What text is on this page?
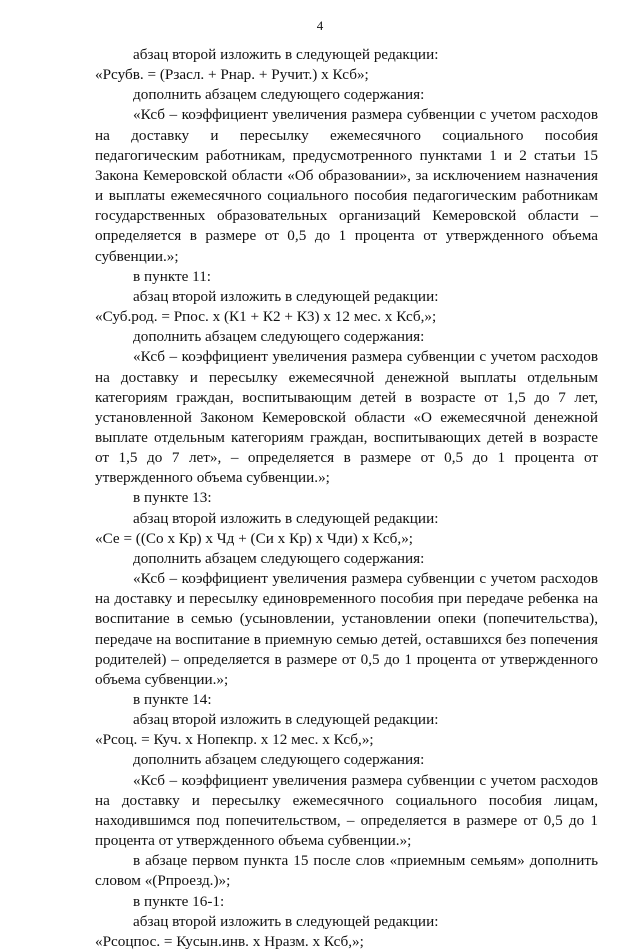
4

абзац второй изложить в следующей редакции:

«Рсубв. = (Рзасл. + Рнар. + Ручит.) х Ксб»;

дополнить абзацем следующего содержания:

«Ксб – коэффициент увеличения размера субвенции с учетом расходов на доставку и пересылку ежемесячного социального пособия педагогическим работникам, предусмотренного пунктами 1 и 2 статьи 15 Закона Кемеровской области «Об образовании», за исключением назначения и выплаты ежемесячного социального пособия педагогическим работникам государственных образовательных организаций Кемеровской области – определяется в размере от 0,5 до 1 процента от утвержденного объема субвенции.»;

в пункте 11:

абзац второй изложить в следующей редакции:

«Суб.род. = Рпос. х (К1 + К2 + К3) х 12 мес. х Ксб,»;

дополнить абзацем следующего содержания:

«Ксб – коэффициент увеличения размера субвенции с учетом расходов на доставку и пересылку ежемесячной денежной выплаты отдельным категориям граждан, воспитывающим детей в возрасте от 1,5 до 7 лет, установленной Законом Кемеровской области «О ежемесячной денежной выплате отдельным категориям граждан, воспитывающих детей в возрасте от 1,5 до 7 лет», – определяется в размере от 0,5 до 1 процента от утвержденного объема субвенции.»;

в пункте 13:

абзац второй изложить в следующей редакции:

«Се = ((Со х Кр) х Чд + (Си х Кр) х Чди) х Ксб,»;

дополнить абзацем следующего содержания:

«Ксб – коэффициент увеличения размера субвенции с учетом расходов на доставку и пересылку единовременного пособия при передаче ребенка на воспитание в семью (усыновлении, установлении опеки (попечительства), передаче на воспитание в приемную семью детей, оставшихся без попечения родителей) – определяется в размере от 0,5 до 1 процента от утвержденного объема субвенции.»;

в пункте 14:

абзац второй изложить в следующей редакции:

«Рсоц. = Куч. х Нопекпр. х 12 мес. х Ксб,»;

дополнить абзацем следующего содержания:

«Ксб – коэффициент увеличения размера субвенции с учетом расходов на доставку и пересылку ежемесячного социального пособия лицам, находившимся под попечительством, – определяется в размере от 0,5 до 1 процента от утвержденного объема субвенции.»;

в абзаце первом пункта 15 после слов «приемным семьям» дополнить словом «(Рпроезд.)»;

в пункте 16-1:

абзац второй изложить в следующей редакции:

«Рсоцпос. = Кусын.инв. х Нразм. х Ксб,»;
